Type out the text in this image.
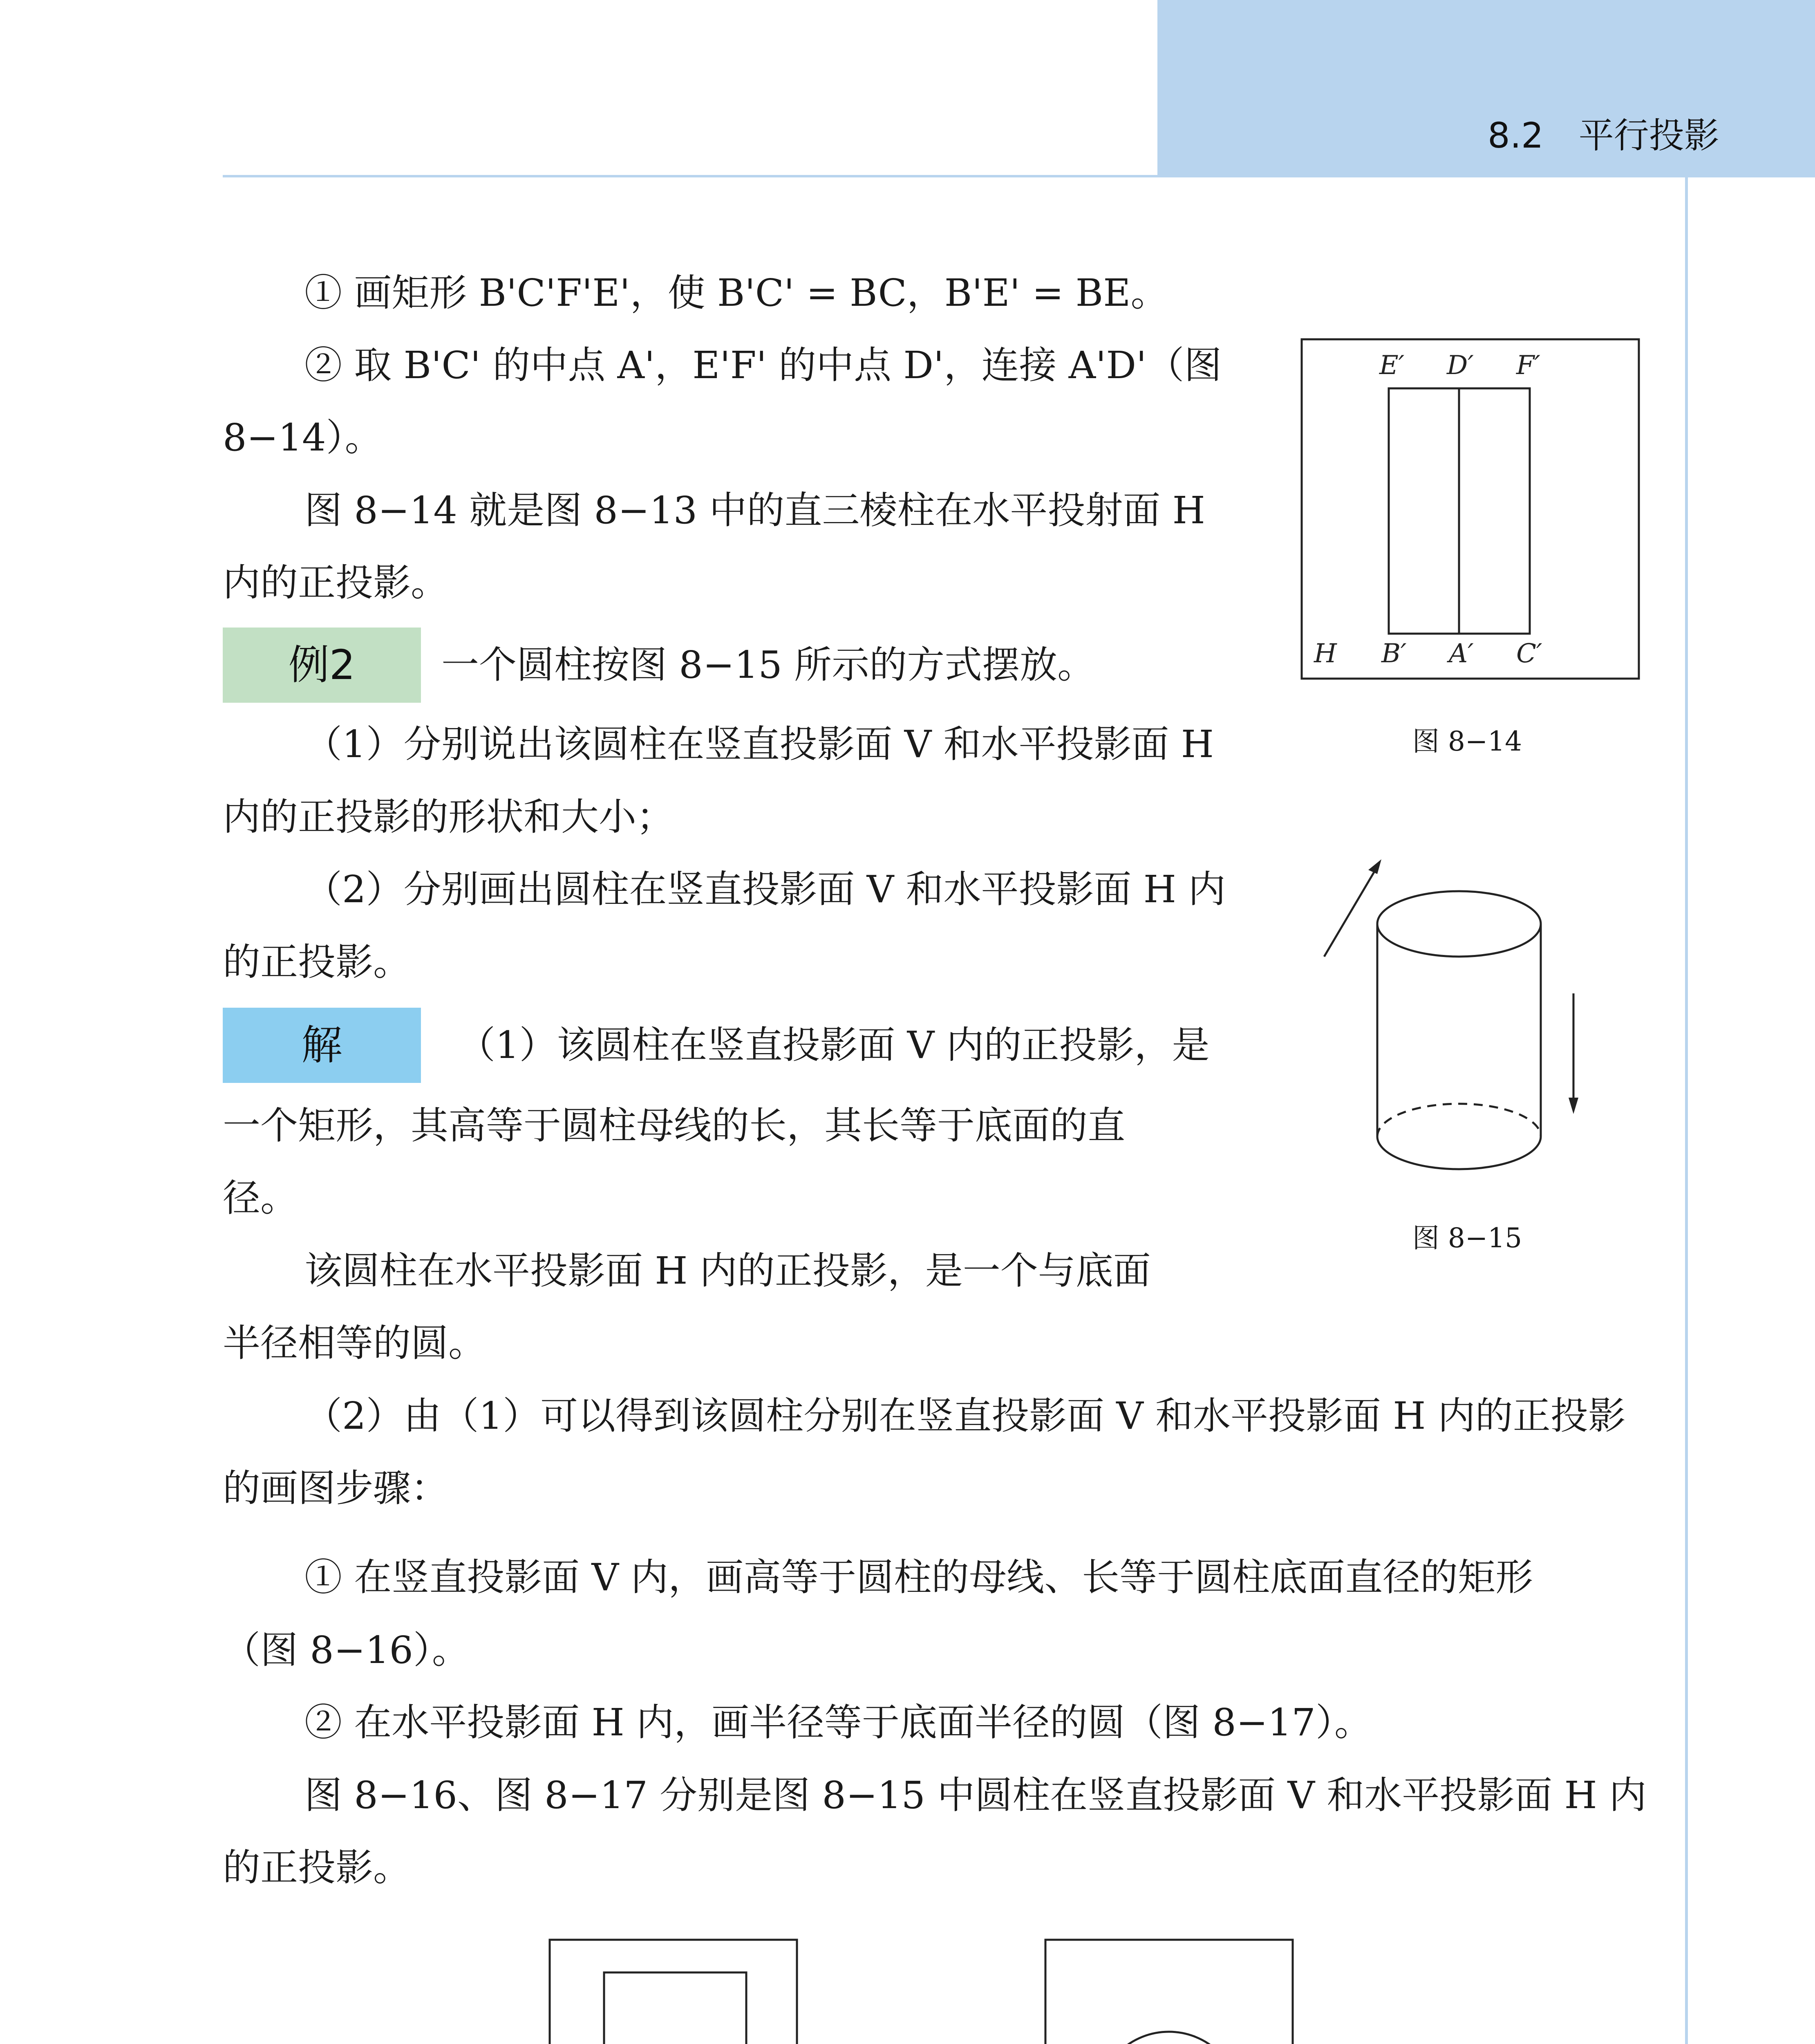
8.2　平行投影

① 画矩形 B'C'F'E'，使 B'C' = BC，B'E' = BE。

② 取 B'C' 的中点 A'，E'F' 的中点 D'，连接 A'D'（图

8−14）。

图 8−14 就是图 8−13 中的直三棱柱在水平投射面 H

内的正投影。

例2	一个圆柱按图 8−15 所示的方式摆放。

（1）分别说出该圆柱在竖直投影面 V 和水平投影面 H

内的正投影的形状和大小；

（2）分别画出圆柱在竖直投影面 V 和水平投影面 H 内

的正投影。

解	（1）该圆柱在竖直投影面 V 内的正投影，是

一个矩形，其高等于圆柱母线的长，其长等于底面的直

径。

该圆柱在水平投影面 H 内的正投影，是一个与底面

半径相等的圆。

（2）由（1）可以得到该圆柱分别在竖直投影面 V 和水平投影面 H 内的正投影

的画图步骤：

① 在竖直投影面 V 内，画高等于圆柱的母线、长等于圆柱底面直径的矩形

（图 8−16）。

② 在水平投影面 H 内，画半径等于底面半径的圆（图 8−17）。

图 8−16、图 8−17 分别是图 8−15 中圆柱在竖直投影面 V 和水平投影面 H 内

的正投影。

E′ D′ F′
H B′ A′ C′
图 8−14
图 8−15
